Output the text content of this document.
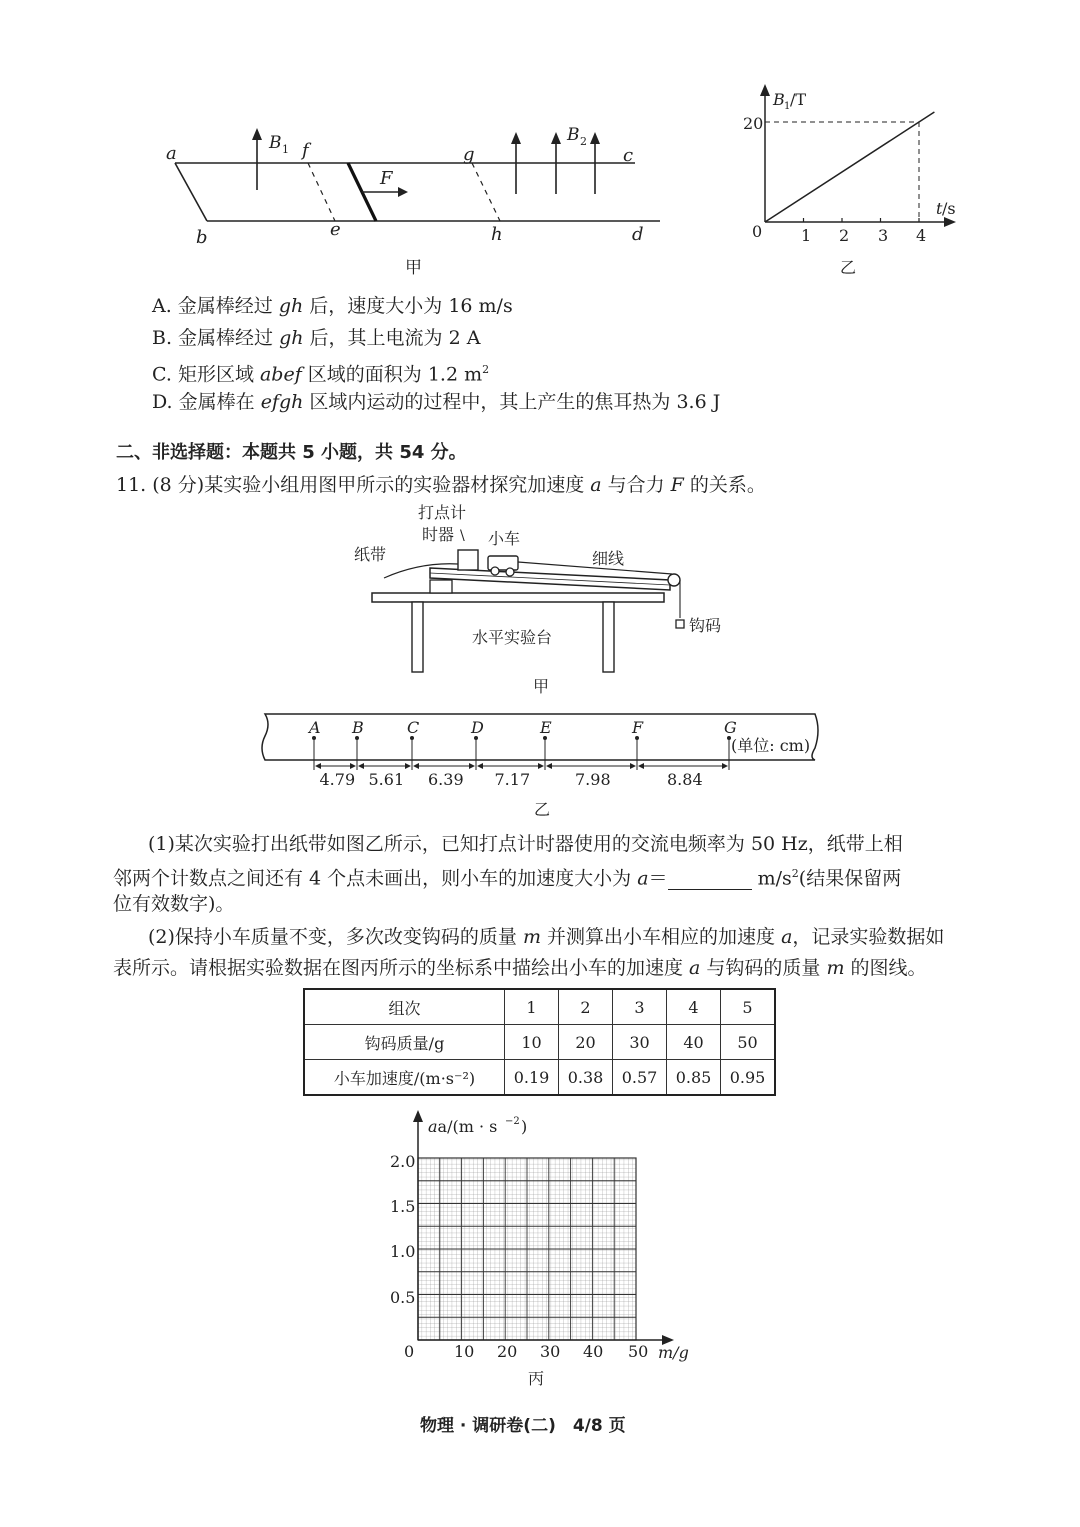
a
b
c
d
e
f	g
h
B 1
B 2
F
甲
B 1 /T
t /s
20
0 1 2 3 4
乙
A. 金属棒经过 gh 后，速度大小为 16 m/s
B. 金属棒经过 gh 后，其上电流为 2 A
C. 矩形区域 abef 区域的面积为 1.2 $m^2$
D. 金属棒在 efgh 区域内运动的过程中，其上产生的焦耳热为 3.6 J
二、非选择题：本题共 5 小题，共 54 分。
11. (8 分)某实验小组用图甲所示的实验器材探究加速度 a 与合力 F 的关系。
打点计
时器 \ 小车
纸带	细线
钩码
水平实验台
甲
A B	C	D	E	F	G
4.79 5.61 6.39 7.17	7.98	8.84
(单位: cm)
乙
(1)某次实验打出纸带如图乙所示，已知打点计时器使用的交流电频率为 50 Hz，纸带上相
邻两个计数点之间还有 4 个点未画出，则小车的加速度大小为 a＝	$m/s^2$(结果保留两
位有效数字)。
(2)保持小车质量不变，多次改变钩码的质量 m 并测算出小车相应的加速度 a，记录实验数据如
表所示。请根据实验数据在图丙所示的坐标系中描绘出小车的加速度 a 与钩码的质量 m 的图线。
组次	1	2	3	4	5
钩码质量/g	10	20	30	40	50
小车加速度/(m·s⁻²)	0.19	0.38	0.57	0.85	0.95
aa/(m · s −2 )
2.0
1.5
1.0
0.5
0 10 20 30 40 50 m/g
丙
物理 · 调研卷(二)　4/8 页
